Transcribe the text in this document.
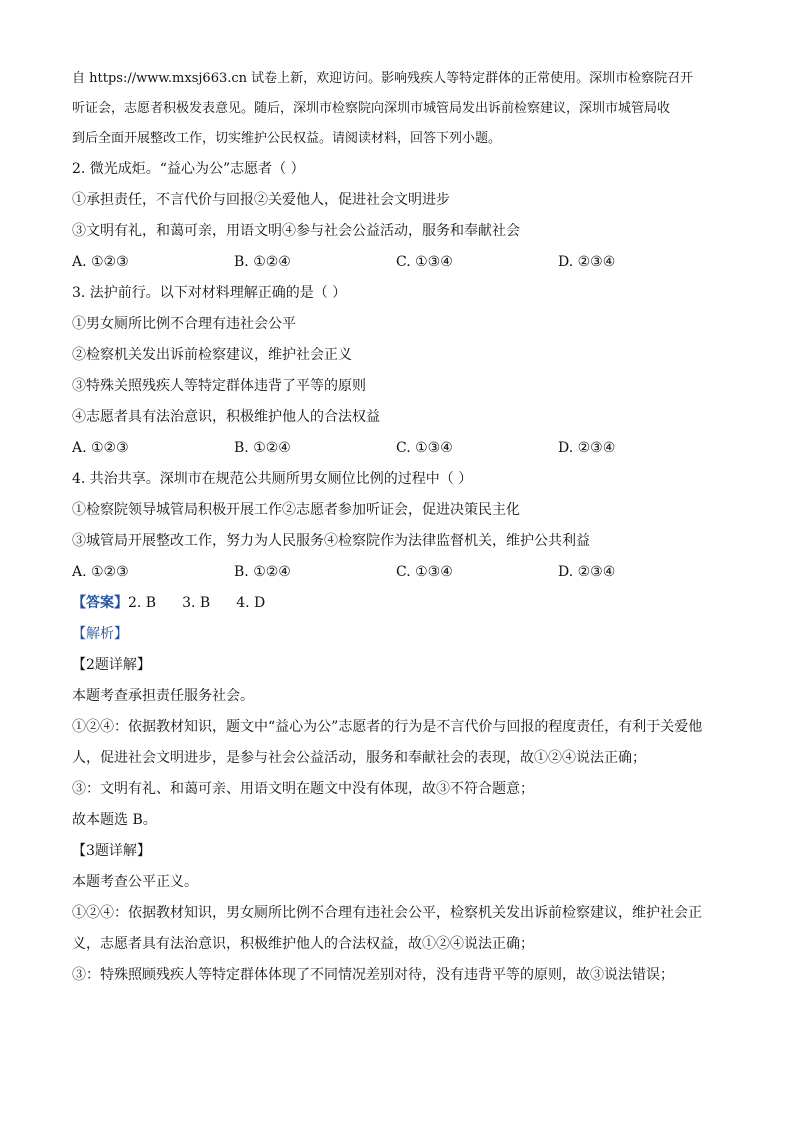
自 https://www.mxsj663.cn 试卷上新，欢迎访问。影响残疾人等特定群体的正常使用。深圳市检察院召开
听证会，志愿者积极发表意见。随后，深圳市检察院向深圳市城管局发出诉前检察建议，深圳市城管局收
到后全面开展整改工作，切实维护公民权益。请阅读材料，回答下列小题。
2. 微光成炬。“益心为公”志愿者（ ）
①承担责任，不言代价与回报②关爱他人，促进社会文明进步
③文明有礼，和蔼可亲，用语文明④参与社会公益活动，服务和奉献社会
A. ①②③	B. ①②④	C. ①③④	D. ②③④
3. 法护前行。以下对材料理解正确的是（ ）
①男女厕所比例不合理有违社会公平
②检察机关发出诉前检察建议，维护社会正义
③特殊关照残疾人等特定群体违背了平等的原则
④志愿者具有法治意识，积极维护他人的合法权益
A. ①②③	B. ①②④	C. ①③④	D. ②③④
4. 共治共享。深圳市在规范公共厕所男女厕位比例的过程中（ ）
①检察院领导城管局积极开展工作②志愿者参加听证会，促进决策民主化
③城管局开展整改工作，努力为人民服务④检察院作为法律监督机关，维护公共利益
A. ①②③	B. ①②④	C. ①③④	D. ②③④
【答案】2. B 3. B 4. D
【解析】
【2题详解】
本题考查承担责任服务社会。
①②④：依据教材知识，题文中“益心为公”志愿者的行为是不言代价与回报的程度责任，有利于关爱他
人，促进社会文明进步，是参与社会公益活动，服务和奉献社会的表现，故①②④说法正确；
③：文明有礼、和蔼可亲、用语文明在题文中没有体现，故③不符合题意；
故本题选 B。
【3题详解】
本题考查公平正义。
①②④：依据教材知识，男女厕所比例不合理有违社会公平，检察机关发出诉前检察建议，维护社会正
义，志愿者具有法治意识，积极维护他人的合法权益，故①②④说法正确；
③：特殊照顾残疾人等特定群体体现了不同情况差别对待，没有违背平等的原则，故③说法错误；
